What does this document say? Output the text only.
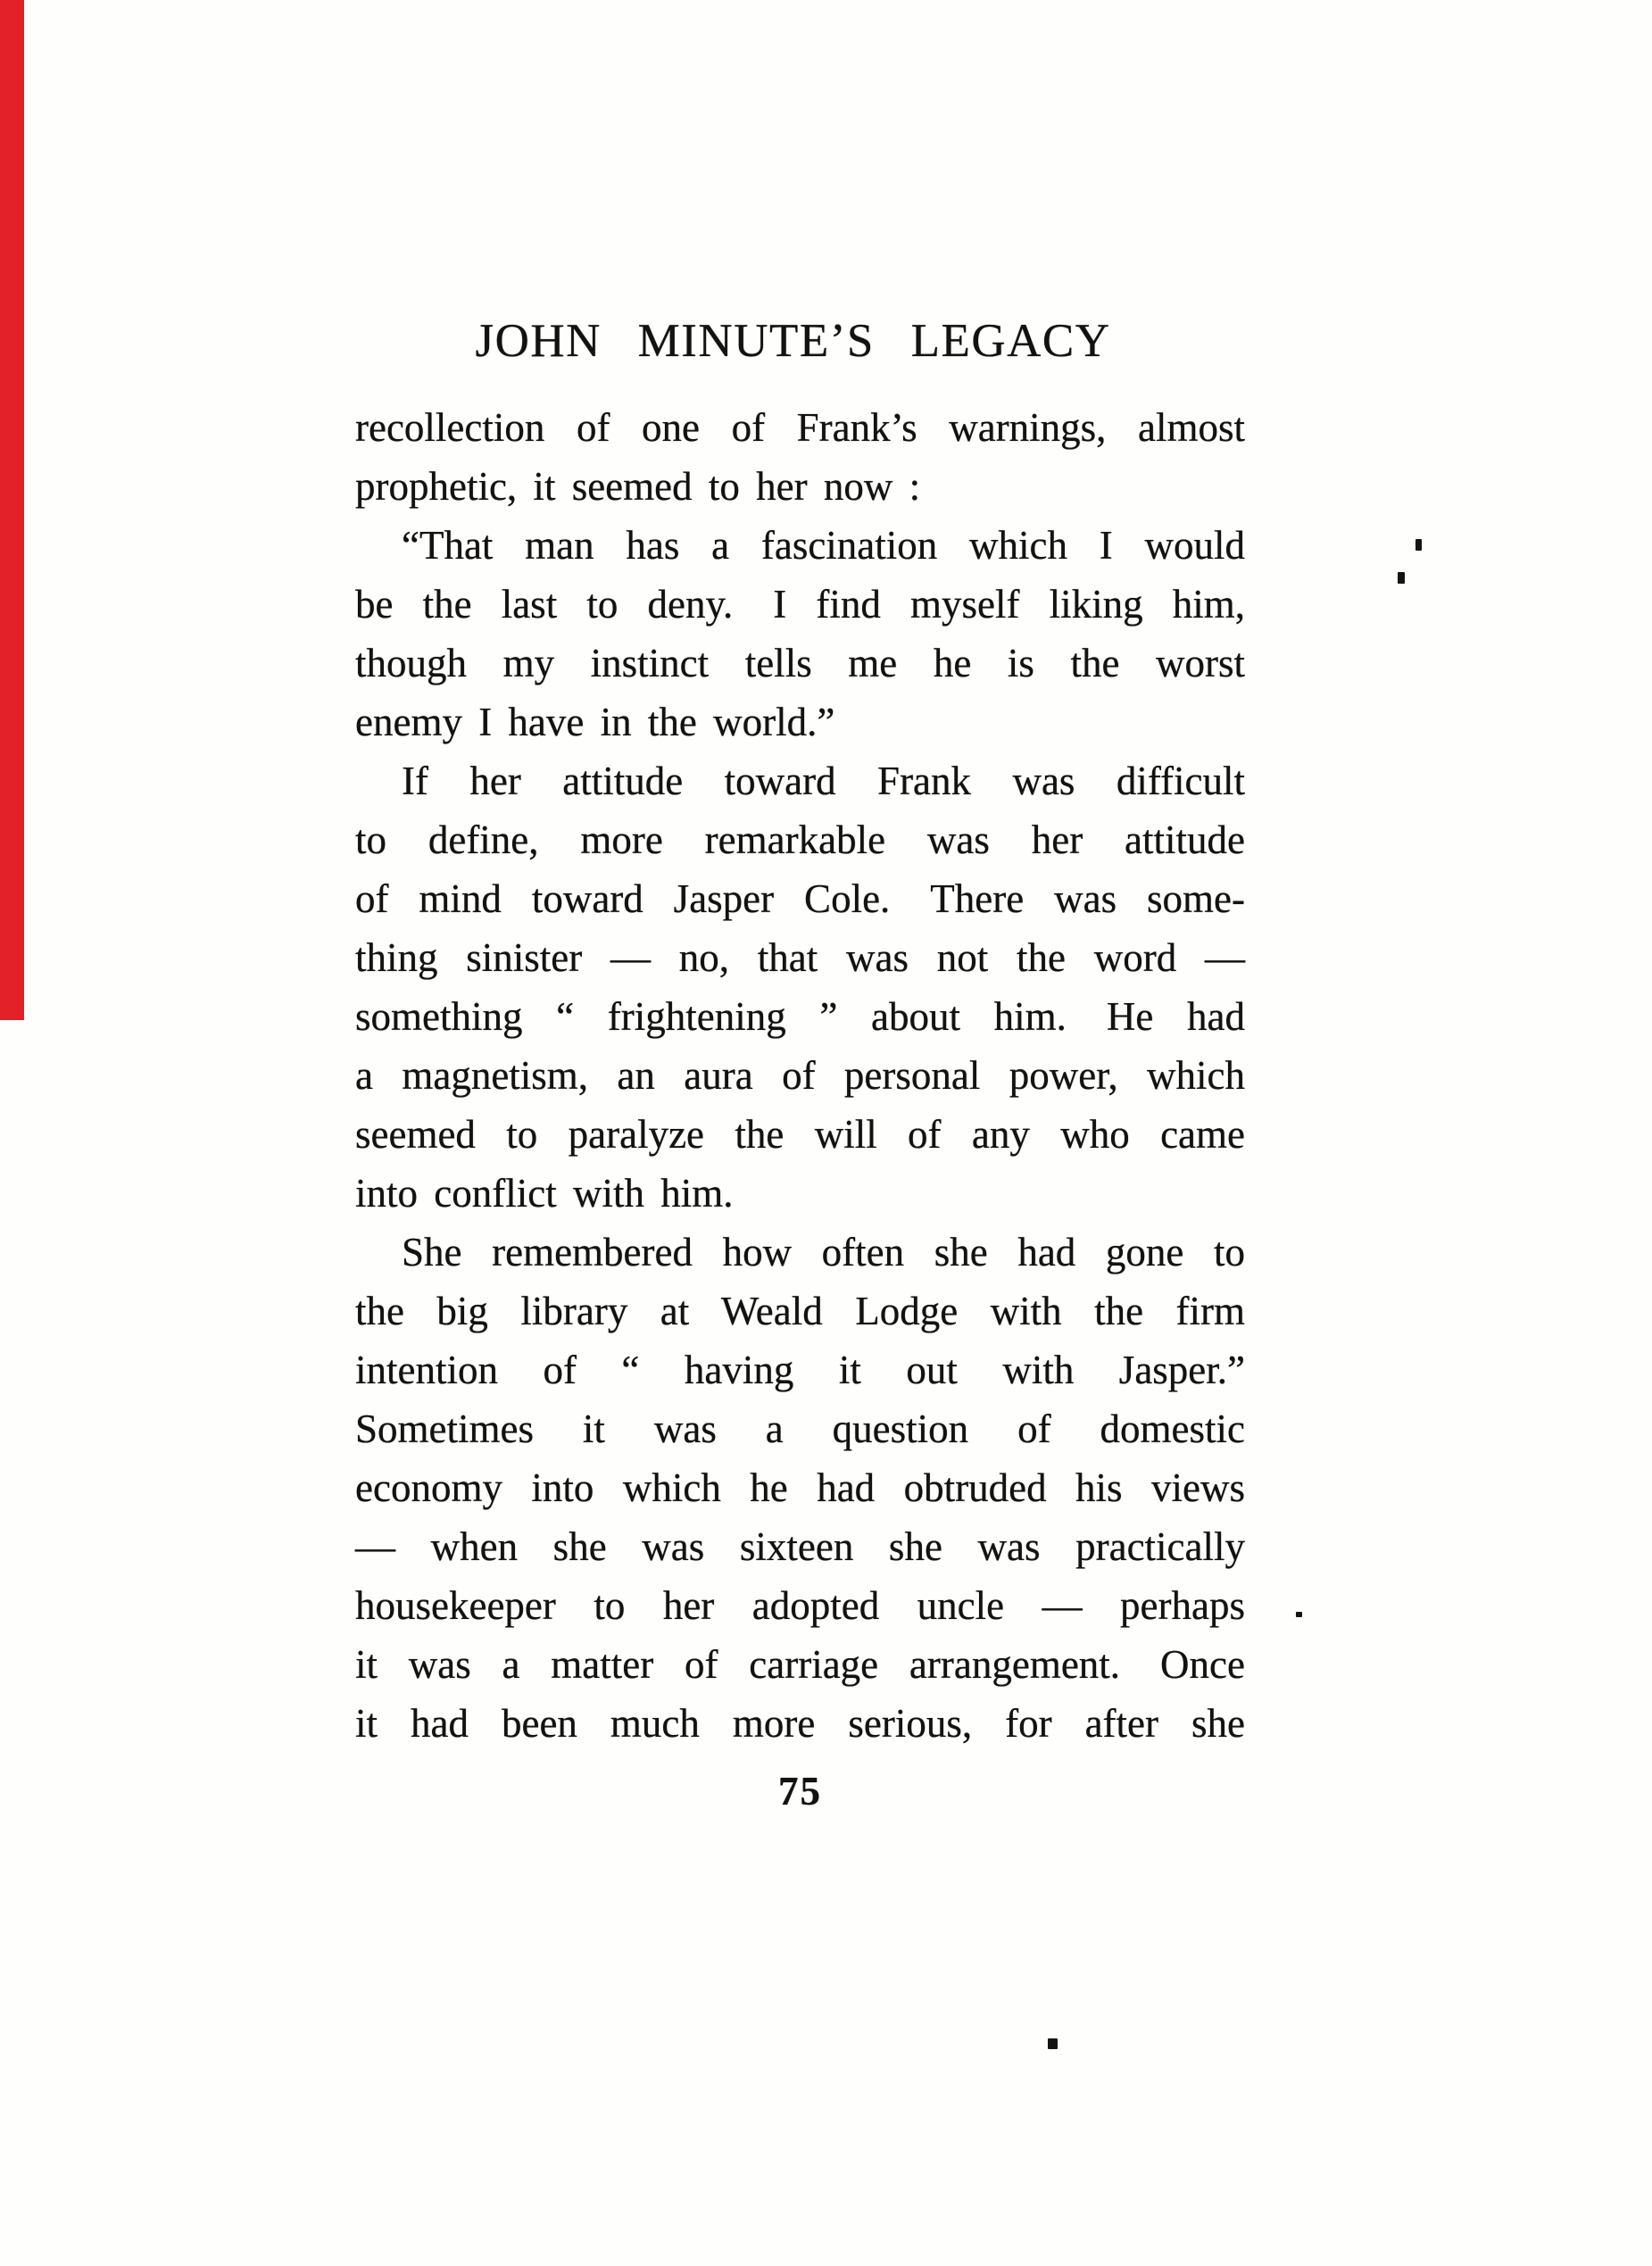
JOHN MINUTE’S LEGACY
recollection of one of Frank’s warnings, almost
prophetic, it seemed to her now :
“That man has a fascination which I would
be the last to deny. I find myself liking him,
though my instinct tells me he is the worst
enemy I have in the world.”
If her attitude toward Frank was difficult
to define, more remarkable was her attitude
of mind toward Jasper Cole. There was some-
thing sinister — no, that was not the word —
something “ frightening ” about him. He had
a magnetism, an aura of personal power, which
seemed to paralyze the will of any who came
into conflict with him.
She remembered how often she had gone to
the big library at Weald Lodge with the firm
intention of “ having it out with Jasper.”
Sometimes it was a question of domestic
economy into which he had obtruded his views
— when she was sixteen she was practically
housekeeper to her adopted uncle — perhaps
it was a matter of carriage arrangement. Once
it had been much more serious, for after she
75
